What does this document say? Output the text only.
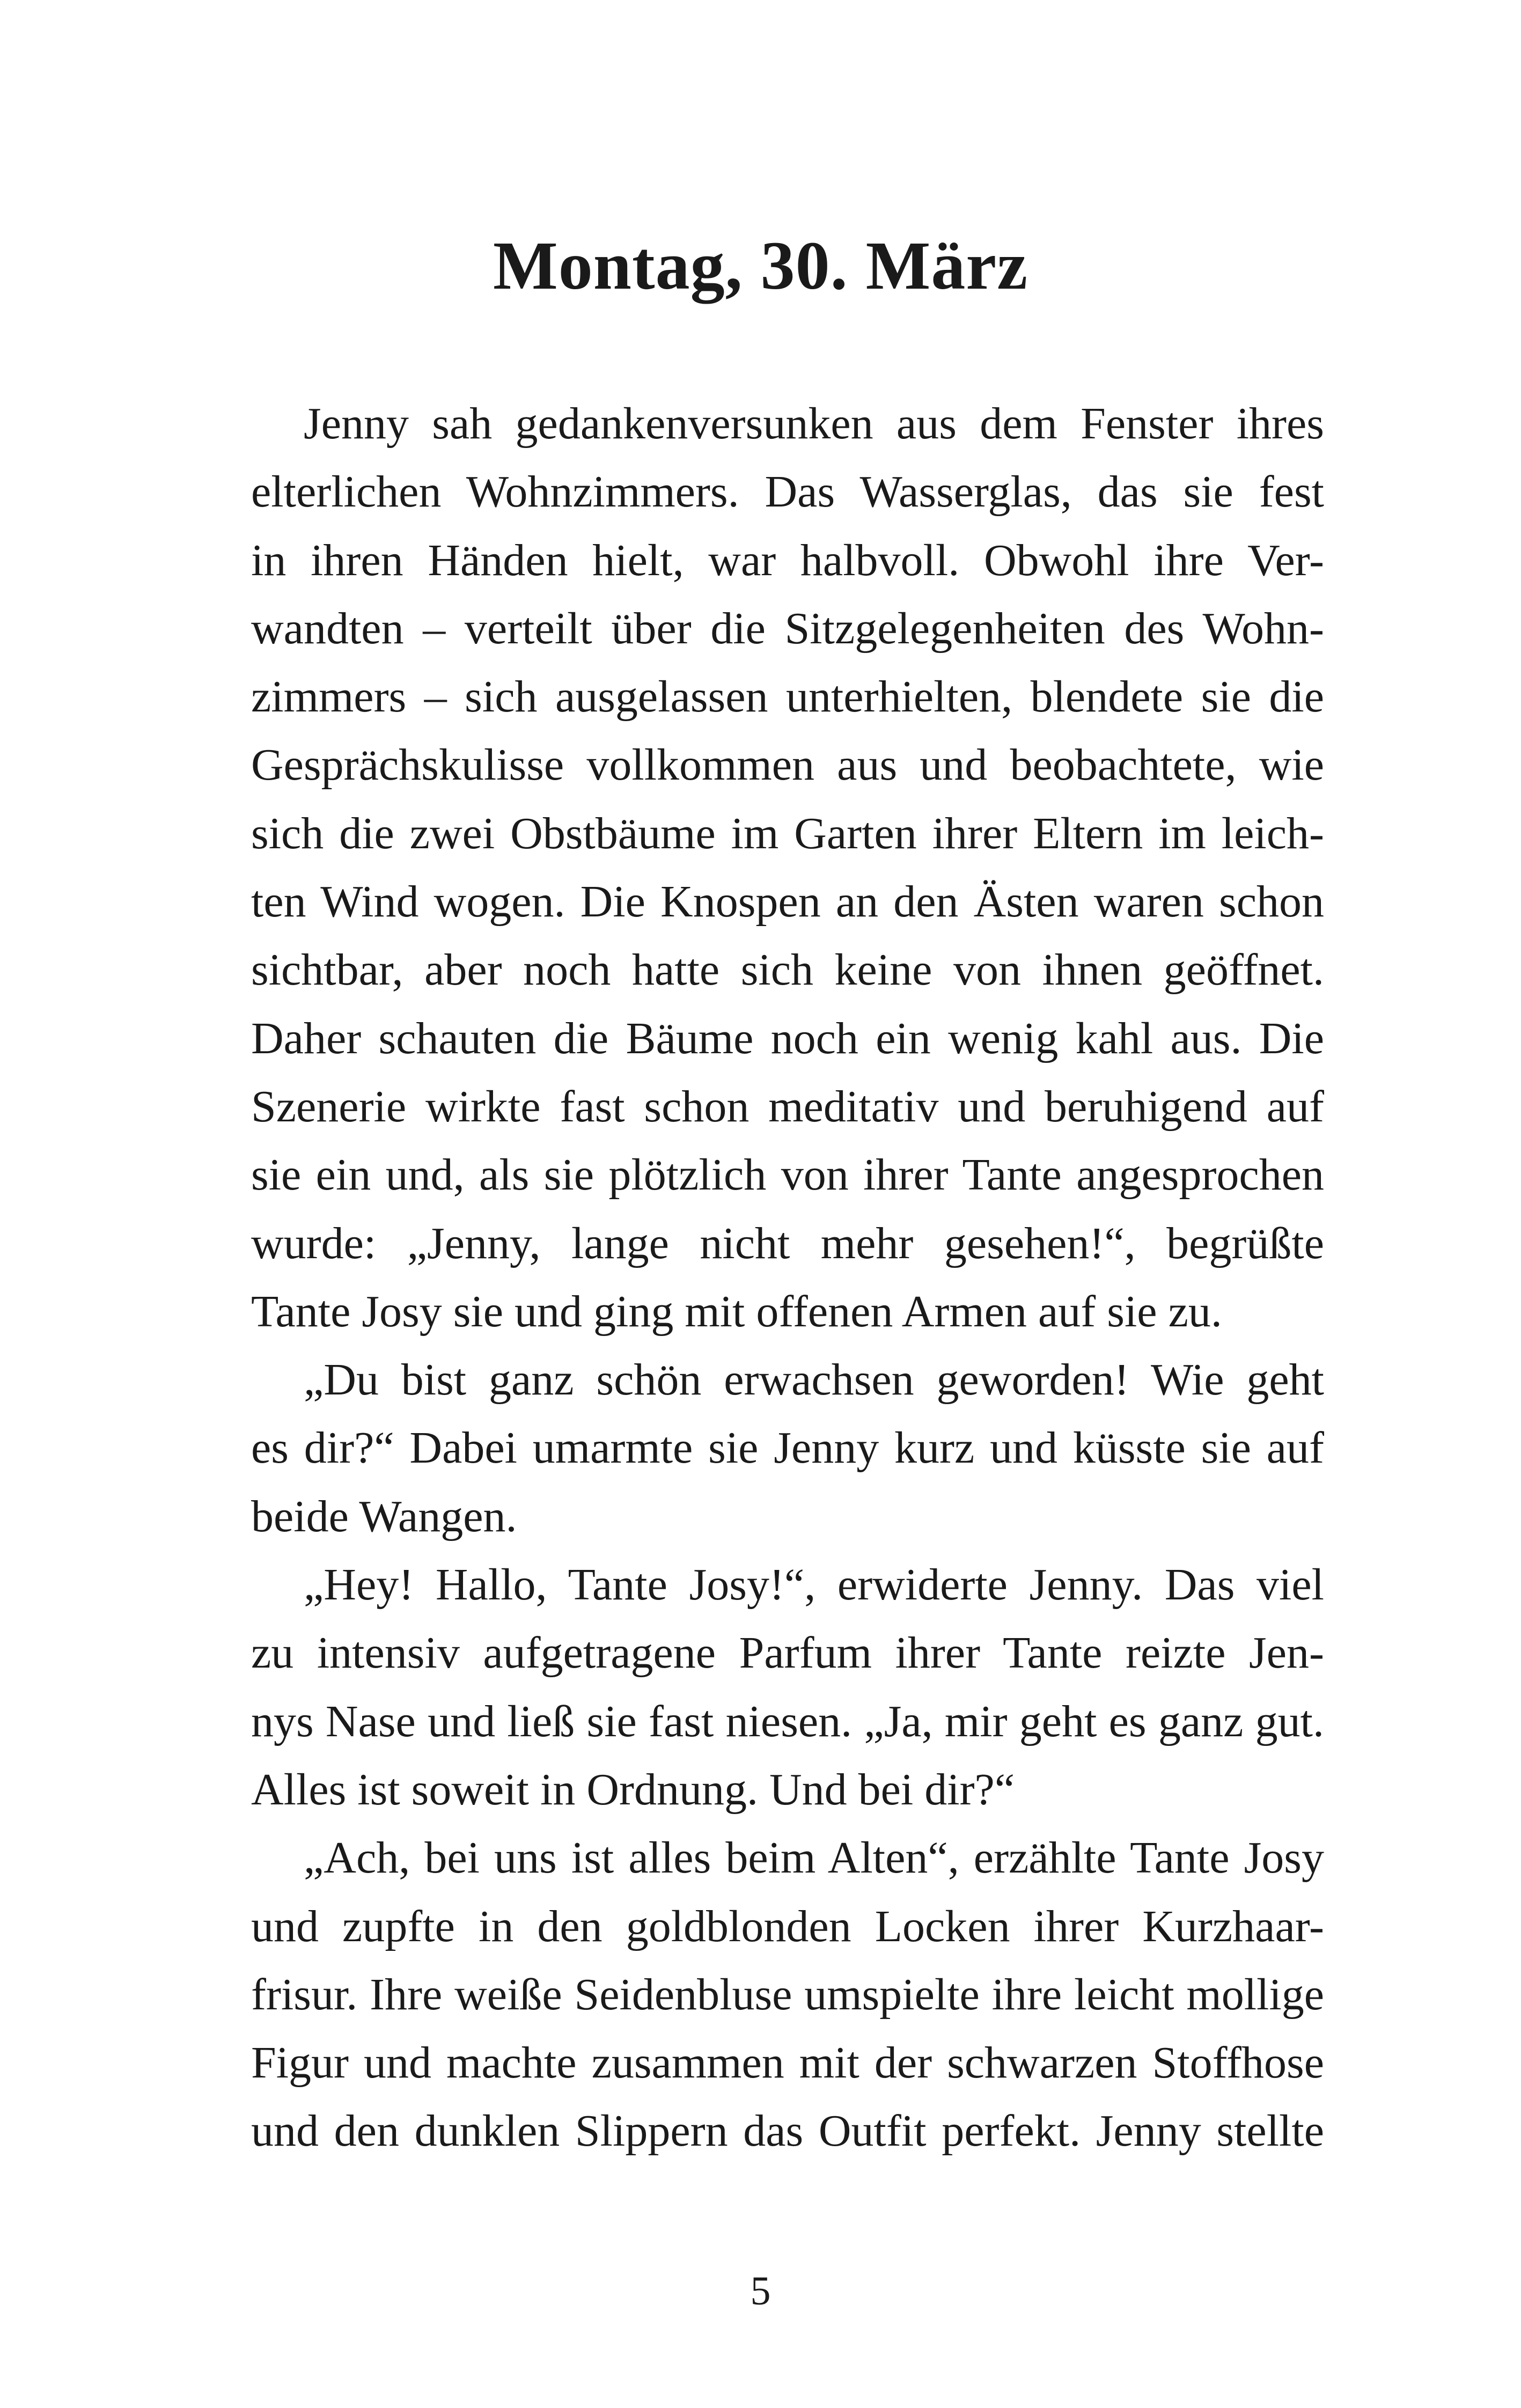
Montag, 30. März
Jenny sah gedankenversunken aus dem Fenster ihres
elterlichen Wohnzimmers. Das Wasserglas, das sie fest
in ihren Händen hielt, war halbvoll. Obwohl ihre Ver-
wandten – verteilt über die Sitzgelegenheiten des Wohn-
zimmers – sich ausgelassen unterhielten, blendete sie die
Gesprächskulisse vollkommen aus und beobachtete, wie
sich die zwei Obstbäume im Garten ihrer Eltern im leich-
ten Wind wogen. Die Knospen an den Ästen waren schon
sichtbar, aber noch hatte sich keine von ihnen geöffnet.
Daher schauten die Bäume noch ein wenig kahl aus. Die
Szenerie wirkte fast schon meditativ und beruhigend auf
sie ein und, als sie plötzlich von ihrer Tante angesprochen
wurde: „Jenny, lange nicht mehr gesehen!“, begrüßte
Tante Josy sie und ging mit offenen Armen auf sie zu.
„Du bist ganz schön erwachsen geworden! Wie geht
es dir?“ Dabei umarmte sie Jenny kurz und küsste sie auf
beide Wangen.
„Hey! Hallo, Tante Josy!“, erwiderte Jenny. Das viel
zu intensiv aufgetragene Parfum ihrer Tante reizte Jen-
nys Nase und ließ sie fast niesen. „Ja, mir geht es ganz gut.
Alles ist soweit in Ordnung. Und bei dir?“
„Ach, bei uns ist alles beim Alten“, erzählte Tante Josy
und zupfte in den goldblonden Locken ihrer Kurzhaar-
frisur. Ihre weiße Seidenbluse umspielte ihre leicht mollige
Figur und machte zusammen mit der schwarzen Stoffhose
und den dunklen Slippern das Outfit perfekt. Jenny stellte
5
